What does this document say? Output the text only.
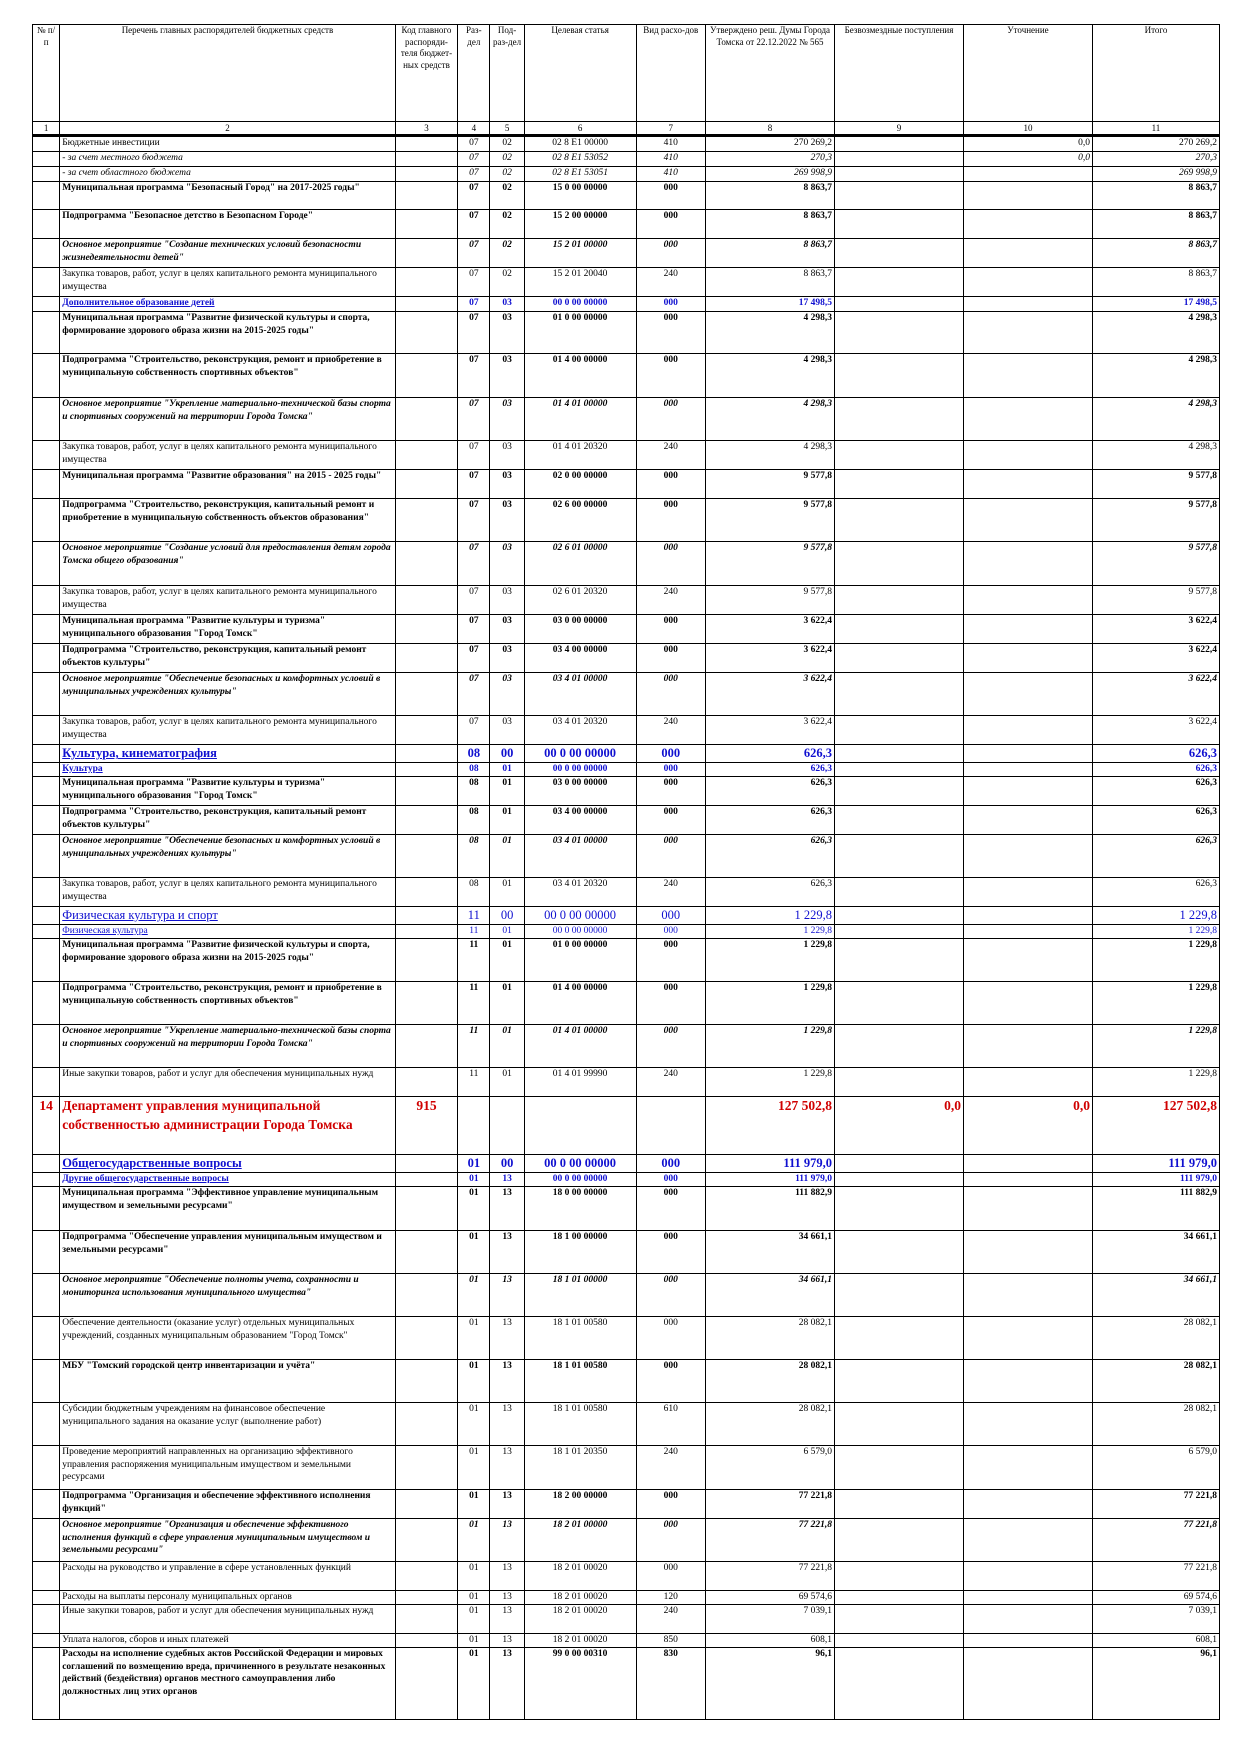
№ п/п	Перечень главных распорядителей бюджетных средств	Код главного распоряди-теля бюджет-ных средств	Раз-дел	Под-раз-дел	Целевая статья	Вид расхо-дов	Утверждено реш. Думы Города Томска от 22.12.2022 № 565	Безвозмездные поступления	Уточнение	Итого
1	2	3	4	5	6	7	8	9	10	11
	Бюджетные инвестиции		07	02	02 8 E1 00000	410	270 269,2		0,0	270 269,2
	- за счет местного бюджета		07	02	02 8 E1 53052	410	270,3		0,0	270,3
	- за счет областного бюджета		07	02	02 8 E1 53051	410	269 998,9			269 998,9
	Муниципальная программа "Безопасный Город" на 2017-2025 годы"		07	02	15 0 00 00000	000	8 863,7			8 863,7
	Подпрограмма "Безопасное детство в Безопасном Городе"		07	02	15 2 00 00000	000	8 863,7			8 863,7
	Основное мероприятие "Создание технических условий безопасности жизнедеятельности детей"		07	02	15 2 01 00000	000	8 863,7			8 863,7
	Закупка товаров, работ, услуг в целях капитального ремонта муниципального имущества		07	02	15 2 01 20040	240	8 863,7			8 863,7
	Дополнительное образование детей		07	03	00 0 00 00000	000	17 498,5			17 498,5
	Муниципальная программа "Развитие физической культуры и спорта, формирование здорового образа жизни на 2015-2025 годы"		07	03	01 0 00 00000	000	4 298,3			4 298,3
	Подпрограмма "Строительство, реконструкция, ремонт и приобретение в муниципальную собственность спортивных объектов"		07	03	01 4 00 00000	000	4 298,3			4 298,3
	Основное мероприятие "Укрепление материально-технической базы спорта и спортивных сооружений на территории Города Томска"		07	03	01 4 01 00000	000	4 298,3			4 298,3
	Закупка товаров, работ, услуг в целях капитального ремонта муниципального имущества		07	03	01 4 01 20320	240	4 298,3			4 298,3
	Муниципальная программа "Развитие образования" на 2015 - 2025 годы"		07	03	02 0 00 00000	000	9 577,8			9 577,8
	Подпрограмма "Строительство, реконструкция, капитальный ремонт и приобретение в муниципальную собственность объектов образования"		07	03	02 6 00 00000	000	9 577,8			9 577,8
	Основное мероприятие "Создание условий для предоставления детям города Томска общего образования"		07	03	02 6 01 00000	000	9 577,8			9 577,8
	Закупка товаров, работ, услуг в целях капитального ремонта муниципального имущества		07	03	02 6 01 20320	240	9 577,8			9 577,8
	Муниципальная программа "Развитие культуры и туризма" муниципального образования "Город Томск"		07	03	03 0 00 00000	000	3 622,4			3 622,4
	Подпрограмма "Строительство, реконструкция, капитальный ремонт объектов культуры"		07	03	03 4 00 00000	000	3 622,4			3 622,4
	Основное мероприятие "Обеспечение безопасных и комфортных условий в муниципальных учреждениях культуры"		07	03	03 4 01 00000	000	3 622,4			3 622,4
	Закупка товаров, работ, услуг в целях капитального ремонта муниципального имущества		07	03	03 4 01 20320	240	3 622,4			3 622,4
	Культура, кинематография		08	00	00 0 00 00000	000	626,3			626,3
	Культура		08	01	00 0 00 00000	000	626,3			626,3
	Муниципальная программа "Развитие культуры и туризма" муниципального образования "Город Томск"		08	01	03 0 00 00000	000	626,3			626,3
	Подпрограмма "Строительство, реконструкция, капитальный ремонт объектов культуры"		08	01	03 4 00 00000	000	626,3			626,3
	Основное мероприятие "Обеспечение безопасных и комфортных условий в муниципальных учреждениях культуры"		08	01	03 4 01 00000	000	626,3			626,3
	Закупка товаров, работ, услуг в целях капитального ремонта муниципального имущества		08	01	03 4 01 20320	240	626,3			626,3
	Физическая культура и спорт		11	00	00 0 00 00000	000	1 229,8			1 229,8
	Физическая культура		11	01	00 0 00 00000	000	1 229,8			1 229,8
	Муниципальная программа "Развитие физической культуры и спорта, формирование здорового образа жизни на 2015-2025 годы"		11	01	01 0 00 00000	000	1 229,8			1 229,8
	Подпрограмма "Строительство, реконструкция, ремонт и приобретение в муниципальную собственность спортивных объектов"		11	01	01 4 00 00000	000	1 229,8			1 229,8
	Основное мероприятие "Укрепление материально-технической базы спорта и спортивных сооружений на территории Города Томска"		11	01	01 4 01 00000	000	1 229,8			1 229,8
	Иные закупки товаров, работ и услуг для обеспечения муниципальных нужд		11	01	01 4 01 99990	240	1 229,8			1 229,8
14	Департамент управления муниципальной собственностью администрации Города Томска	915					127 502,8	0,0	0,0	127 502,8
	Общегосударственные вопросы		01	00	00 0 00 00000	000	111 979,0			111 979,0
	Другие общегосударственные вопросы		01	13	00 0 00 00000	000	111 979,0			111 979,0
	Муниципальная программа "Эффективное управление муниципальным имуществом и земельными ресурсами"		01	13	18 0 00 00000	000	111 882,9			111 882,9
	Подпрограмма "Обеспечение управления муниципальным имуществом и земельными ресурсами"		01	13	18 1 00 00000	000	34 661,1			34 661,1
	Основное мероприятие "Обеспечение полноты учета, сохранности и мониторинга использования муниципального имущества"		01	13	18 1 01 00000	000	34 661,1			34 661,1
	Обеспечение деятельности (оказание услуг) отдельных муниципальных учреждений, созданных муниципальным образованием "Город Томск"		01	13	18 1 01 00580	000	28 082,1			28 082,1
	МБУ "Томский городской центр инвентаризации и учёта"		01	13	18 1 01 00580	000	28 082,1			28 082,1
	Субсидии бюджетным учреждениям на финансовое обеспечение муниципального задания на оказание услуг (выполнение работ)		01	13	18 1 01 00580	610	28 082,1			28 082,1
	Проведение мероприятий направленных на организацию эффективного управления распоряжения муниципальным имуществом и земельными ресурсами		01	13	18 1 01 20350	240	6 579,0			6 579,0
	Подпрограмма "Организация и обеспечение эффективного исполнения функций"		01	13	18 2 00 00000	000	77 221,8			77 221,8
	Основное мероприятие "Организация и обеспечение эффективного исполнения функций в сфере управления муниципальным имуществом и земельными ресурсами"		01	13	18 2 01 00000	000	77 221,8			77 221,8
	Расходы на руководство и управление в сфере установленных функций		01	13	18 2 01 00020	000	77 221,8			77 221,8
	Расходы на выплаты персоналу муниципальных органов		01	13	18 2 01 00020	120	69 574,6			69 574,6
	Иные закупки товаров, работ и услуг для обеспечения муниципальных нужд		01	13	18 2 01 00020	240	7 039,1			7 039,1
	Уплата налогов, сборов и иных платежей		01	13	18 2 01 00020	850	608,1			608,1
	Расходы на исполнение судебных актов Российской Федерации и мировых соглашений по возмещению вреда, причиненного в результате незаконных действий (бездействия) органов местного самоуправления либо должностных лиц этих органов		01	13	99 0 00 00310	830	96,1			96,1
